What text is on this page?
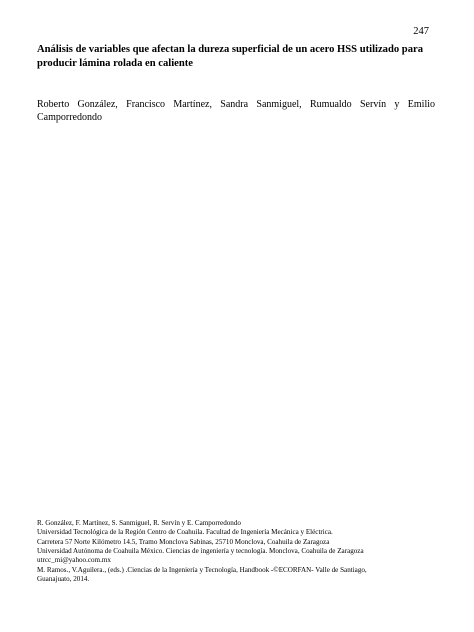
247
Análisis de variables que afectan la dureza superficial de un acero HSS utilizado para producir lámina rolada en caliente
Roberto González, Francisco Martínez, Sandra Sanmiguel, Rumualdo Servín y Emilio Camporredondo
R. González, F. Martínez, S. Sanmiguel, R. Servín y E. Camporredondo
Universidad Tecnológica de la Región Centro de Coahuila. Facultad de Ingeniería Mecánica y Eléctrica.
Carretera 57 Norte Kilómetro 14.5, Tramo Monclova Sabinas, 25710 Monclova, Coahuila de Zaragoza
Universidad Autónoma de Coahuila México. Ciencias de ingeniería y tecnología. Monclova, Coahuila de Zaragoza
utrcc_mi@yahoo.com.mx
M. Ramos., V.Aguilera., (eds.) .Ciencias de la Ingeniería y Tecnología, Handbook -©ECORFAN- Valle de Santiago,
Guanajuato, 2014.
